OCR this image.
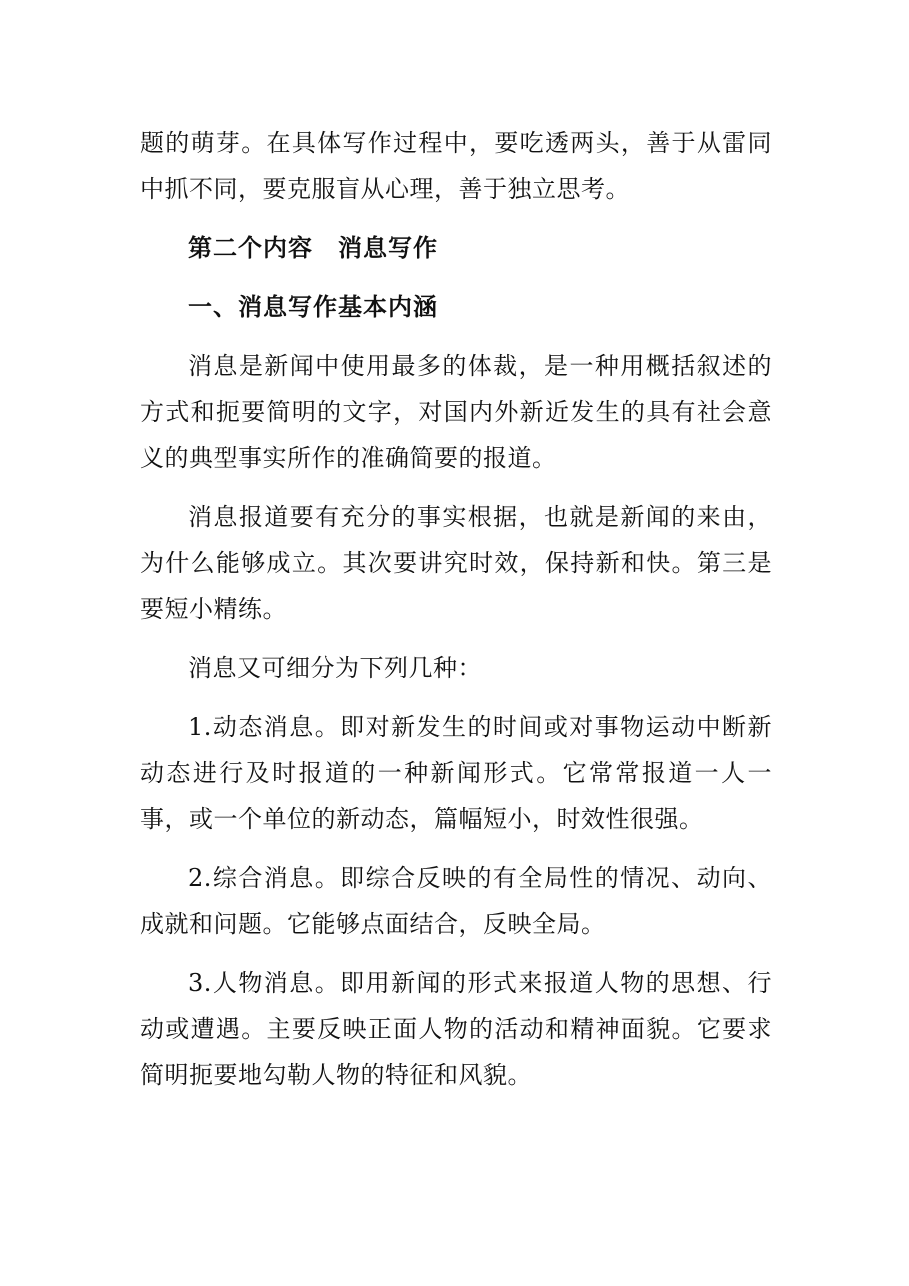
题的萌芽。在具体写作过程中，要吃透两头，善于从雷同中抓不同，要克服盲从心理，善于独立思考。

第二个内容　消息写作

一、消息写作基本内涵

消息是新闻中使用最多的体裁，是一种用概括叙述的方式和扼要简明的文字，对国内外新近发生的具有社会意义的典型事实所作的准确简要的报道。

消息报道要有充分的事实根据，也就是新闻的来由，为什么能够成立。其次要讲究时效，保持新和快。第三是要短小精练。

消息又可细分为下列几种：

1.动态消息。即对新发生的时间或对事物运动中断新动态进行及时报道的一种新闻形式。它常常报道一人一事，或一个单位的新动态，篇幅短小，时效性很强。

2.综合消息。即综合反映的有全局性的情况、动向、成就和问题。它能够点面结合，反映全局。

3.人物消息。即用新闻的形式来报道人物的思想、行动或遭遇。主要反映正面人物的活动和精神面貌。它要求简明扼要地勾勒人物的特征和风貌。
